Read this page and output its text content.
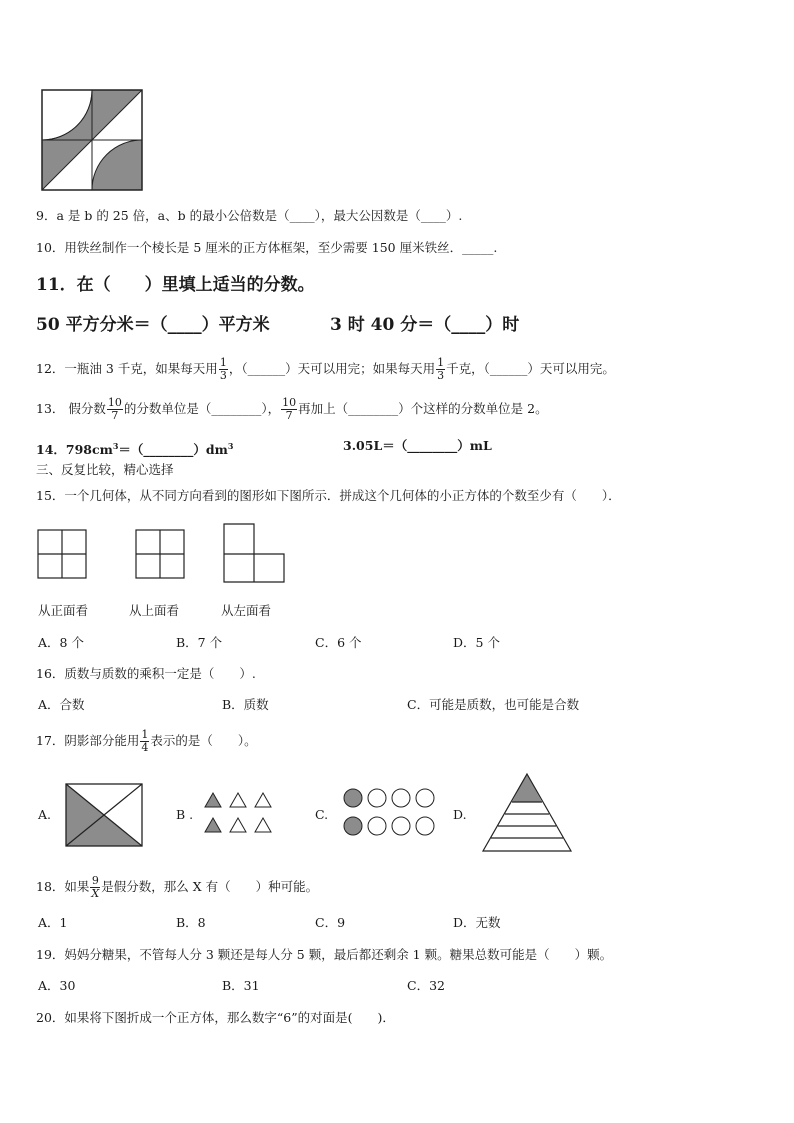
9．a 是 b 的 25 倍，a、b 的最小公倍数是（____），最大公因数是（____）.
10．用铁丝制作一个棱长是 5 厘米的正方体框架，至少需要 150 厘米铁丝．_____.
11．在（　　）里填上适当的分数。
50 平方分米＝（____）平方米	3 时 40 分＝（____）时
12．一瓶油 3 千克，如果每天用 $\frac{1}{3}$ ，（______）天可以用完；如果每天用 $\frac{1}{3}$ 千克，（______）天可以用完。
13． 假分数 $\frac{10}{7}$ 的分数单位是（________）， $\frac{10}{7}$ 再加上（________）个这样的分数单位是 2。
14．$798cm^3=(\_\_\_\_\_\_\_\_)dm^3$	3.05L＝（________）mL
三、反复比较，精心选择
15．一个几何体，从不同方向看到的图形如下图所示．拼成这个几何体的小正方体的个数至少有（　　）．
从正面看	从上面看	从左面看
A．8 个	B．7 个	C．6 个	D．5 个
16．质数与质数的乘积一定是（　　）.
A．合数	B．质数	C．可能是质数，也可能是合数
17．阴影部分能用 $\frac{1}{4}$ 表示的是（　　）。
A.	B .	C.	D.
18．如果 $\frac{9}{X}$ 是假分数，那么 X 有（　　）种可能。
A．1	B．8	C．9	D．无数
19．妈妈分糖果，不管每人分 3 颗还是每人分 5 颗，最后都还剩余 1 颗。糖果总数可能是（　　）颗。
A．30	B．31	C．32
20．如果将下图折成一个正方体，那么数字“6”的对面是(　　)．
